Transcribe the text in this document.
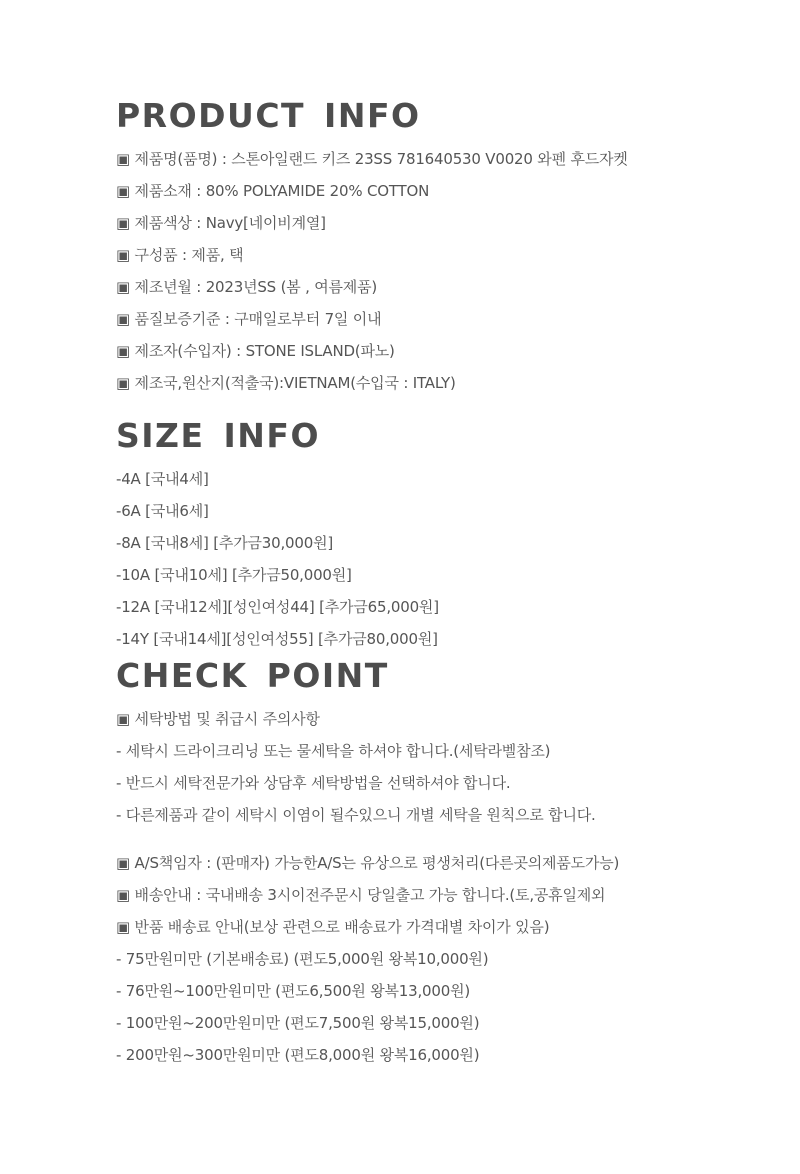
PRODUCT INFO
▣ 제품명(품명) : 스톤아일랜드 키즈 23SS 781640530 V0020 와펜 후드자켓
▣ 제품소재 : 80% POLYAMIDE 20% COTTON
▣ 제품색상 : Navy[네이비계열]
▣ 구성품 : 제품, 택
▣ 제조년월 : 2023년SS (봄 , 여름제품)
▣ 품질보증기준 : 구매일로부터 7일 이내
▣ 제조자(수입자) : STONE ISLAND(파노)
▣ 제조국,원산지(적출국):VIETNAM(수입국 : ITALY)
SIZE INFO
-4A [국내4세]
-6A [국내6세]
-8A [국내8세] [추가금30,000원]
-10A [국내10세] [추가금50,000원]
-12A [국내12세][성인여성44] [추가금65,000원]
-14Y [국내14세][성인여성55] [추가금80,000원]
CHECK POINT
▣ 세탁방법 및 취급시 주의사항
- 세탁시 드라이크리닝 또는 물세탁을 하셔야 합니다.(세탁라벨참조)
- 반드시 세탁전문가와 상담후 세탁방법을 선택하셔야 합니다.
- 다른제품과 같이 세탁시 이염이 될수있으니 개별 세탁을 원칙으로 합니다.
▣ A/S책임자 : (판매자) 가능한A/S는 유상으로 평생처리(다른곳의제품도가능)
▣ 배송안내 : 국내배송 3시이전주문시 당일출고 가능 합니다.(토,공휴일제외
▣ 반품 배송료 안내(보상 관련으로 배송료가 가격대별 차이가 있음)
- 75만원미만 (기본배송료) (편도5,000원 왕복10,000원)
- 76만원~100만원미만 (편도6,500원 왕복13,000원)
- 100만원~200만원미만 (편도7,500원 왕복15,000원)
- 200만원~300만원미만 (편도8,000원 왕복16,000원)
